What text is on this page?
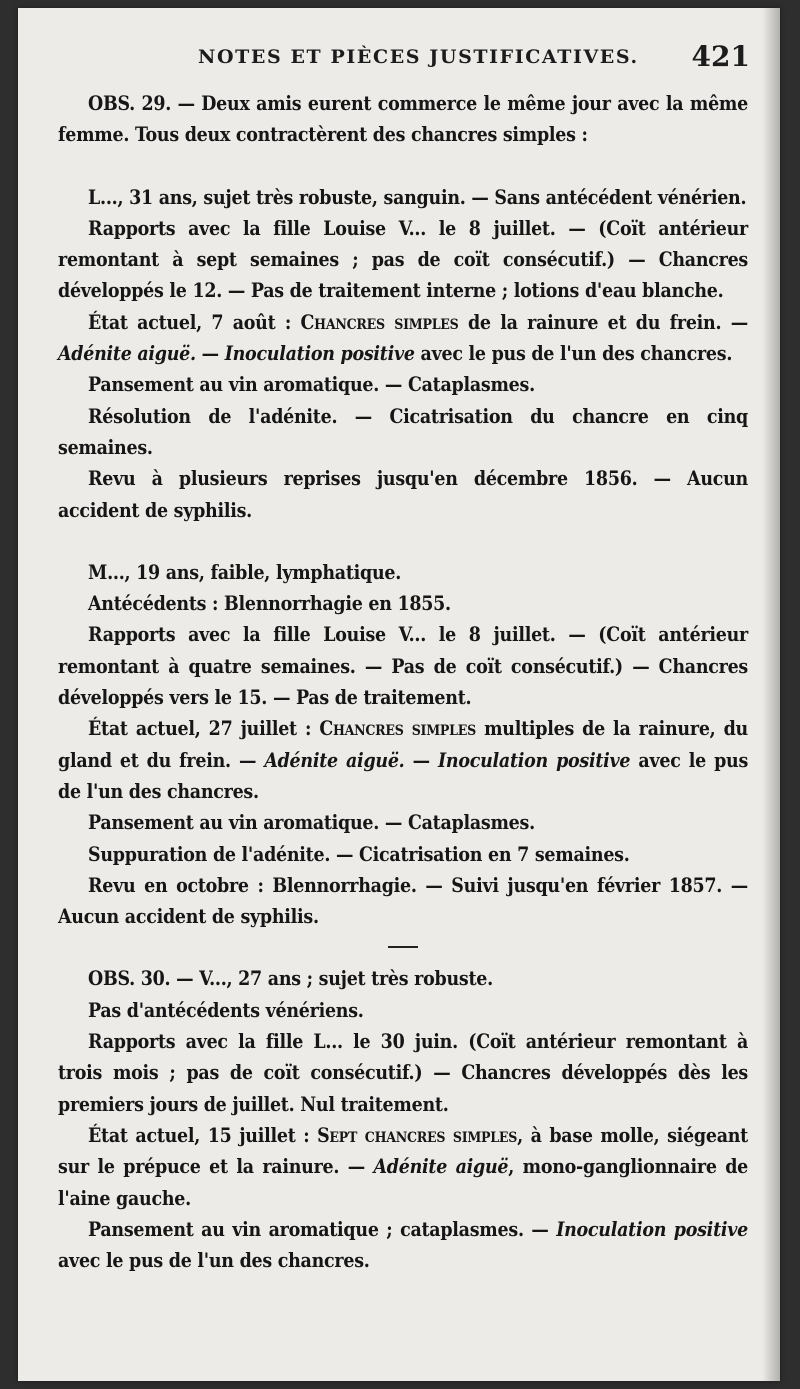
NOTES ET PIÈCES JUSTIFICATIVES. 421

OBS. 29. — Deux amis eurent commerce le même jour avec la même femme. Tous deux contractèrent des chancres simples :

L..., 31 ans, sujet très robuste, sanguin. — Sans antécédent vénérien.

Rapports avec la fille Louise V... le 8 juillet. — (Coït antérieur remontant à sept semaines ; pas de coït consécutif.) — Chancres développés le 12. — Pas de traitement interne ; lotions d'eau blanche.

État actuel, 7 août : Chancres simples de la rainure et du frein. — Adénite aiguë. — Inoculation positive avec le pus de l'un des chancres.

Pansement au vin aromatique. — Cataplasmes.

Résolution de l'adénite. — Cicatrisation du chancre en cinq semaines.

Revu à plusieurs reprises jusqu'en décembre 1856. — Aucun accident de syphilis.

M..., 19 ans, faible, lymphatique.

Antécédents : Blennorrhagie en 1855.

Rapports avec la fille Louise V... le 8 juillet. — (Coït antérieur remontant à quatre semaines. — Pas de coït consécutif.) — Chancres développés vers le 15. — Pas de traitement.

État actuel, 27 juillet : Chancres simples multiples de la rainure, du gland et du frein. — Adénite aiguë. — Inoculation positive avec le pus de l'un des chancres.

Pansement au vin aromatique. — Cataplasmes.

Suppuration de l'adénite. — Cicatrisation en 7 semaines.

Revu en octobre : Blennorrhagie. — Suivi jusqu'en février 1857. — Aucun accident de syphilis.

OBS. 30. — V..., 27 ans ; sujet très robuste.

Pas d'antécédents vénériens.

Rapports avec la fille L... le 30 juin. (Coït antérieur remontant à trois mois ; pas de coït consécutif.) — Chancres développés dès les premiers jours de juillet. Nul traitement.

État actuel, 15 juillet : Sept chancres simples, à base molle, siégeant sur le prépuce et la rainure. — Adénite aiguë, mono-ganglionnaire de l'aine gauche.

Pansement au vin aromatique ; cataplasmes. — Inoculation positive avec le pus de l'un des chancres.
